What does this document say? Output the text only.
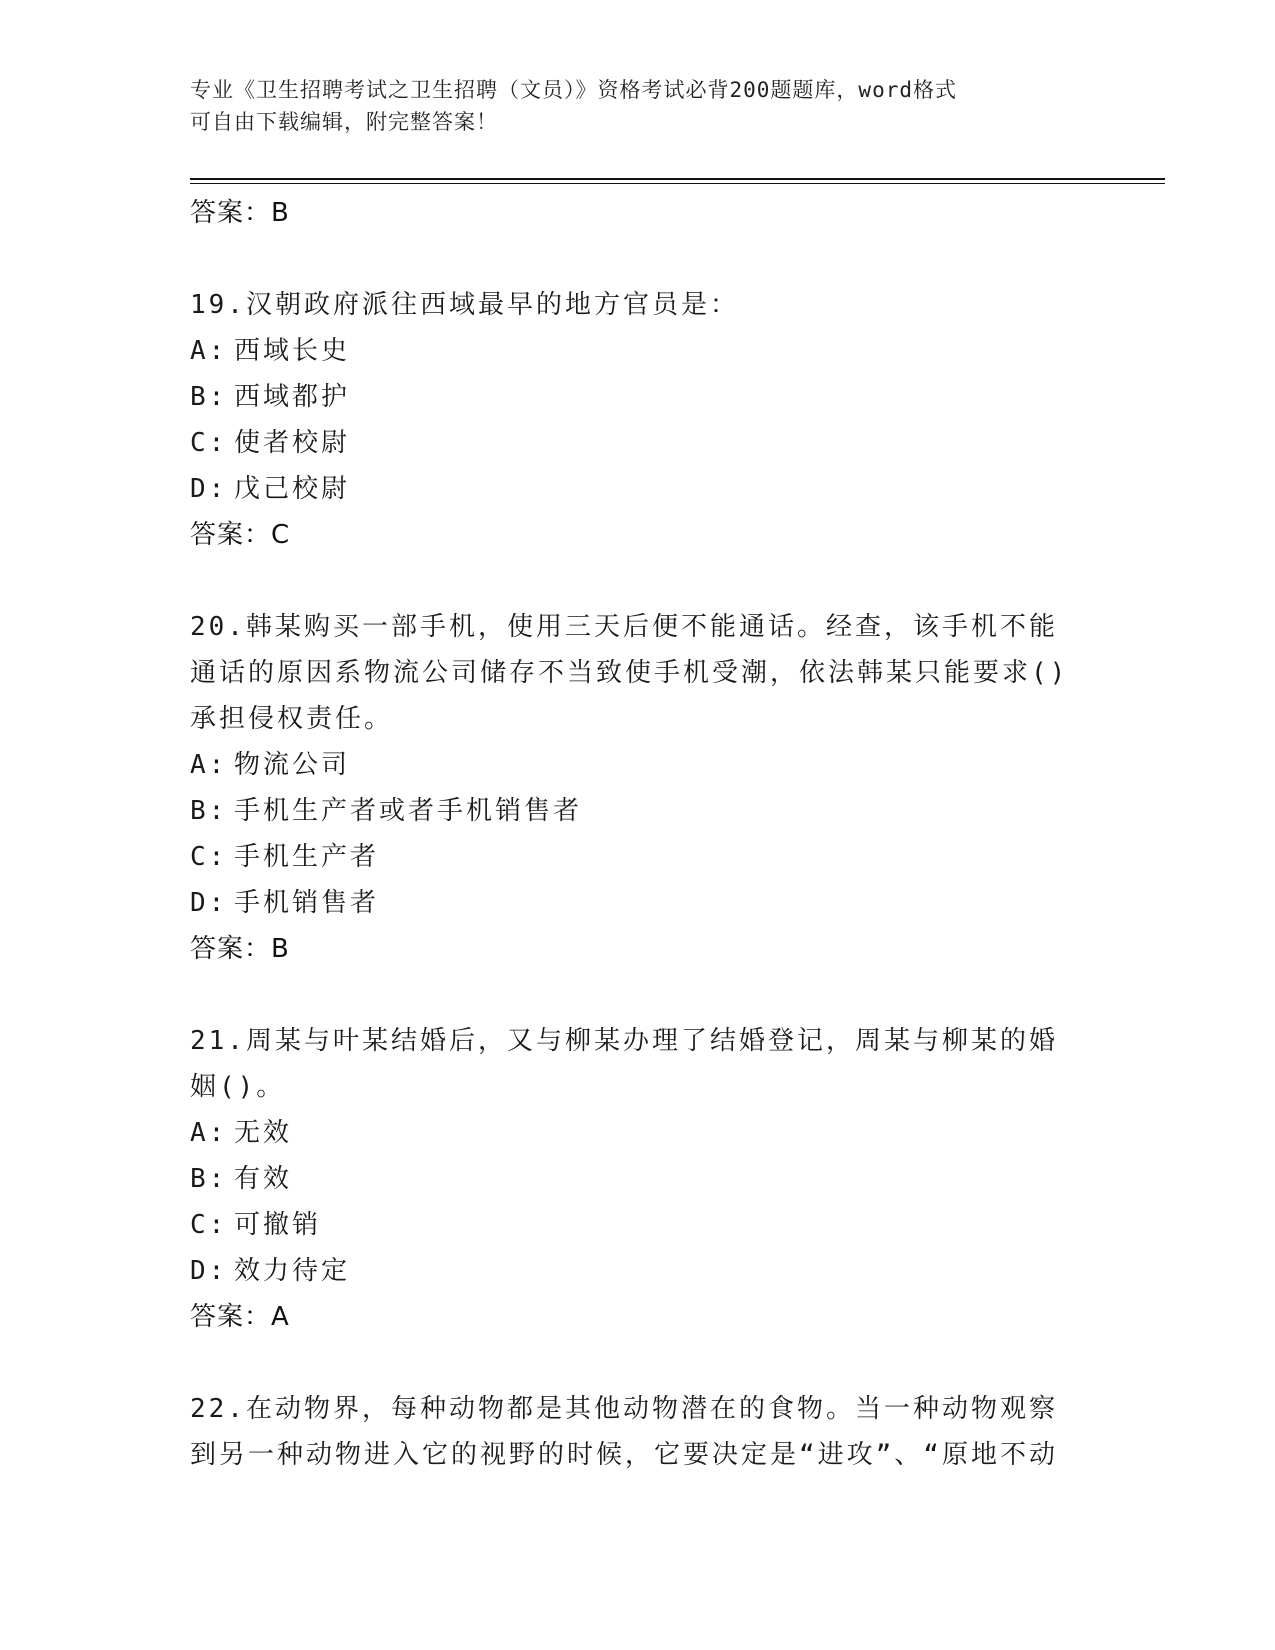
专业《卫生招聘考试之卫生招聘（文员）》资格考试必背200题题库，word格式
可自由下载编辑，附完整答案！
答案：B
19.汉朝政府派往西域最早的地方官员是：
A: 西域长史
B: 西域都护
C: 使者校尉
D: 戊己校尉
答案：C
20.韩某购买一部手机，使用三天后便不能通话。经查，该手机不能通话的原因系物流公司储存不当致使手机受潮，依法韩某只能要求()承担侵权责任。
A: 物流公司
B: 手机生产者或者手机销售者
C: 手机生产者
D: 手机销售者
答案：B
21.周某与叶某结婚后，又与柳某办理了结婚登记，周某与柳某的婚姻()。
A: 无效
B: 有效
C: 可撤销
D: 效力待定
答案：A
22.在动物界，每种动物都是其他动物潜在的食物。当一种动物观察到另一种动物进入它的视野的时候，它要决定是“进攻”、“原地不动
